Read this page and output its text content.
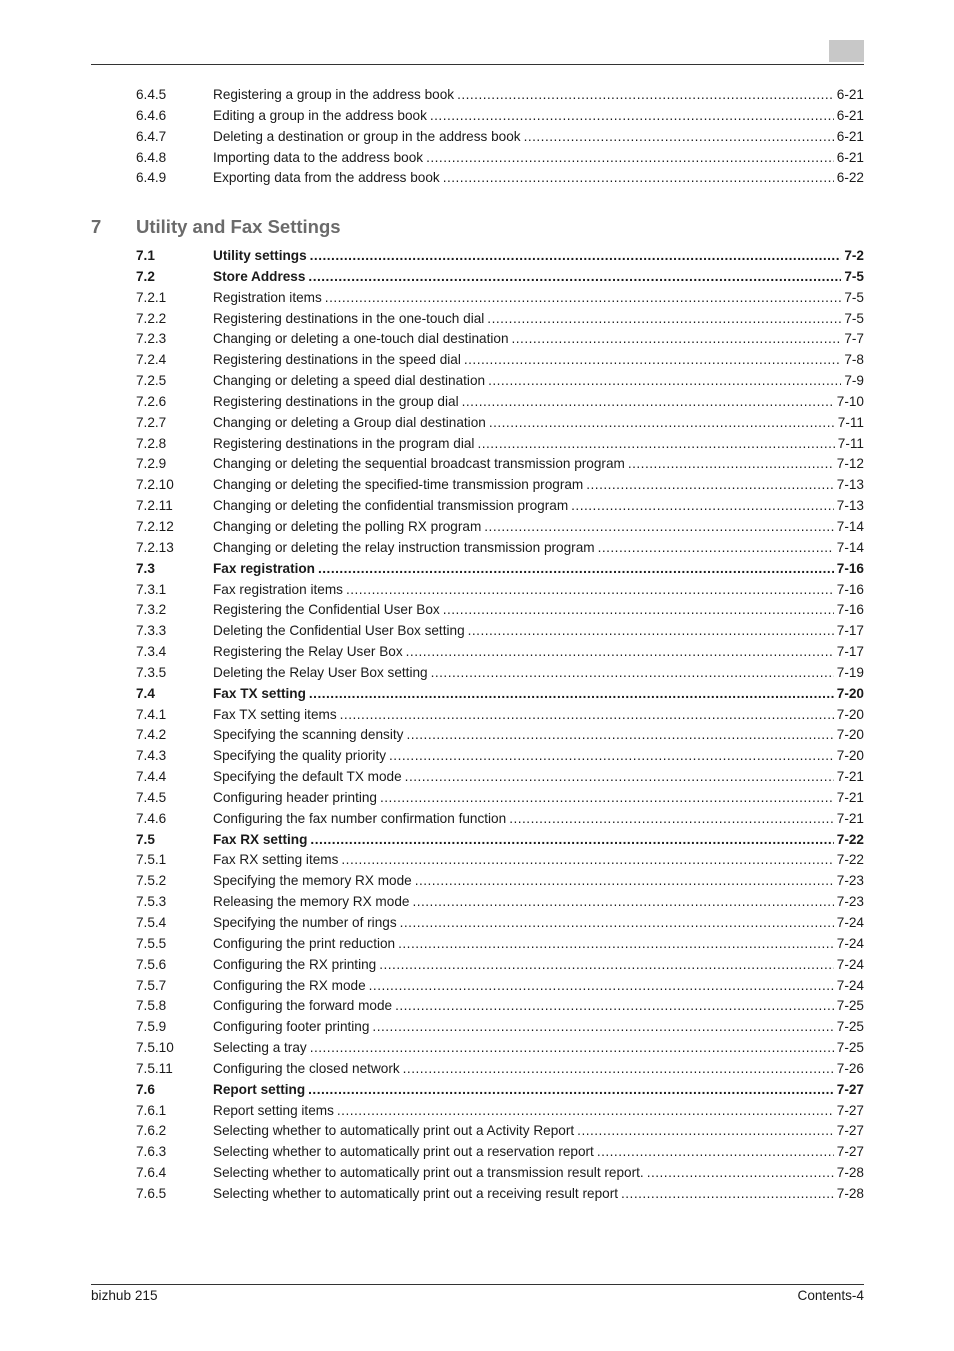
6.4.5	Registering a group in the address book .....	6-21
6.4.6	Editing a group in the address book .....	6-21
6.4.7	Deleting a destination or group in the address book .....	6-21
6.4.8	Importing data to the address book .....	6-21
6.4.9	Exporting data from the address book .....	6-22
7	Utility and Fax Settings
7.1	Utility settings .....	7-2
7.2	Store Address .....	7-5
7.2.1	Registration items .....	7-5
7.2.2	Registering destinations in the one-touch dial .....	7-5
7.2.3	Changing or deleting a one-touch dial destination .....	7-7
7.2.4	Registering destinations in the speed dial .....	7-8
7.2.5	Changing or deleting a speed dial destination .....	7-9
7.2.6	Registering destinations in the group dial .....	7-10
7.2.7	Changing or deleting a Group dial destination .....	7-11
7.2.8	Registering destinations in the program dial .....	7-11
7.2.9	Changing or deleting the sequential broadcast transmission program .....	7-12
7.2.10	Changing or deleting the specified-time transmission program .....	7-13
7.2.11	Changing or deleting the confidential transmission program .....	7-13
7.2.12	Changing or deleting the polling RX program .....	7-14
7.2.13	Changing or deleting the relay instruction transmission program .....	7-14
7.3	Fax registration .....	7-16
7.3.1	Fax registration items .....	7-16
7.3.2	Registering the Confidential User Box .....	7-16
7.3.3	Deleting the Confidential User Box setting .....	7-17
7.3.4	Registering the Relay User Box .....	7-17
7.3.5	Deleting the Relay User Box setting .....	7-19
7.4	Fax TX setting .....	7-20
7.4.1	Fax TX setting items .....	7-20
7.4.2	Specifying the scanning density .....	7-20
7.4.3	Specifying the quality priority .....	7-20
7.4.4	Specifying the default TX mode .....	7-21
7.4.5	Configuring header printing .....	7-21
7.4.6	Configuring the fax number confirmation function .....	7-21
7.5	Fax RX setting .....	7-22
7.5.1	Fax RX setting items .....	7-22
7.5.2	Specifying the memory RX mode .....	7-23
7.5.3	Releasing the memory RX mode .....	7-23
7.5.4	Specifying the number of rings .....	7-24
7.5.5	Configuring the print reduction .....	7-24
7.5.6	Configuring the RX printing .....	7-24
7.5.7	Configuring the RX mode .....	7-24
7.5.8	Configuring the forward mode .....	7-25
7.5.9	Configuring footer printing .....	7-25
7.5.10	Selecting a tray .....	7-25
7.5.11	Configuring the closed network .....	7-26
7.6	Report setting .....	7-27
7.6.1	Report setting items .....	7-27
7.6.2	Selecting whether to automatically print out a Activity Report .....	7-27
7.6.3	Selecting whether to automatically print out a reservation report .....	7-27
7.6.4	Selecting whether to automatically print out a transmission result report. .....	7-28
7.6.5	Selecting whether to automatically print out a receiving result report .....	7-28
bizhub 215	Contents-4
